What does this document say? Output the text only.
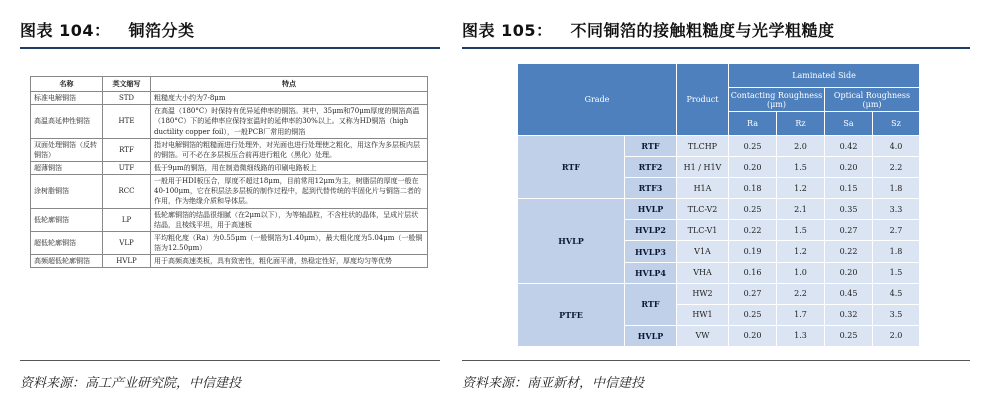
图表 104： 铜箔分类
名称	英文缩写	特点
标准电解铜箔	STD	粗糙度大小约为7-8μm
高温高延伸性铜箔	HTE	在高温（180°C）时保持有优异延伸率的铜箔。其中，35μm和70μm厚度的铜箔高温（180°C）下的延伸率应保持室温时的延伸率的30%以上。又称为HD铜箔（high ductility copper foil），一般PCB厂常用的铜箔
双面处理铜箔（反转铜箔）	RTF	指对电解铜箔的粗糙面进行处理外，对光面也进行处理使之粗化，用这作为多层板内层的铜箔。可不必在多层板压合前再进行粗化（黑化）处理。
超薄铜箔	UTF	低于9μm的铜箔，用在制造微细线路的印刷电路板上
涂树脂铜箔	RCC	一般用于HDI板压合，厚度不超过18μm，目前常用12μm为主，树脂层的厚度一般在40-100μm，它在积层法多层板的制作过程中，起到代替传统的半固化片与铜箔二者的作用，作为绝缘介质和导体层。
低轮廓铜箔	LP	低轮廓铜箔的结晶很细腻（在2μm以下），为等轴晶粒，不含柱状的晶体，呈成片层状结晶，且棱线平坦，用于高速板
超低轮廓铜箔	VLP	平均粗化度（Ra）为0.55μm（一般铜箔为1.40μm），最大粗化度为5.04μm（一般铜箔为12.50μm）
高频超低轮廓铜箔	HVLP	用于高频高速类板，具有致密性，粗化面平滑，热稳定性好，厚度均匀等优势
资料来源：高工产业研究院，中信建投
图表 105： 不同铜箔的接触粗糙度与光学粗糙度
Grade		Product	Laminated Side			
			Contacting Roughness (μm)		Optical Roughness (μm)	
			Ra	Rz	Sa	Sz
RTF	RTF	TLCHP	0.25	2.0	0.42	4.0
	RTF2	H1 / H1V	0.20	1.5	0.20	2.2
	RTF3	H1A	0.18	1.2	0.15	1.8
HVLP	HVLP	TLC-V2	0.25	2.1	0.35	3.3
	HVLP2	TLC-V1	0.22	1.5	0.27	2.7
	HVLP3	V1A	0.19	1.2	0.22	1.8
	HVLP4	VHA	0.16	1.0	0.20	1.5
PTFE	RTF	HW2	0.27	2.2	0.45	4.5
		HW1	0.25	1.7	0.32	3.5
	HVLP	VW	0.20	1.3	0.25	2.0
资料来源：南亚新材，中信建投
